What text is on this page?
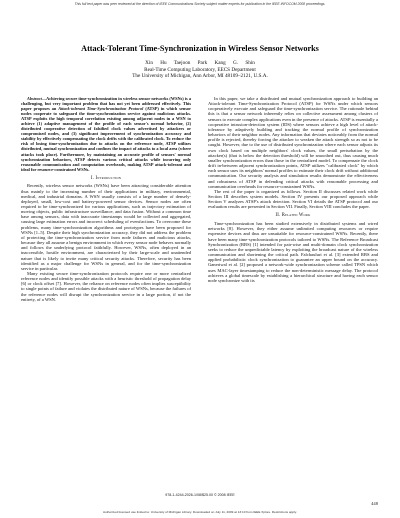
This full text paper was peer reviewed at the direction of IEEE Communications Society subject matter experts for publication in the IEEE INFOCOM 2008 proceedings.
Attack-Tolerant Time-Synchronization in Wireless Sensor Networks
Xin Hu Taejoon Park Kang G. Shin
Real-Time Computing Laboratory, EECS Department
The University of Michigan, Ann Arbor, MI 48109–2121, U.S.A.

Abstract—Achieving secure time-synchronization in wireless sensor networks (WSNs) is a challenging, but very important problem that has not yet been addressed effectively. This paper proposes an Attack-tolerant Time-Synchronization Protocol (ATSP) in which sensor nodes cooperate to safeguard the time-synchronization service against malicious attacks. ATSP exploits the high temporal correlation existing among adjacent nodes in a WSN to achieve (1) adaptive management of the profile of each sensor's normal behavior, (2) distributed cooperative detection of falsified clock values advertised by attackers or compromised nodes, and (3) significant improvement of synchronization accuracy and stability by effectively compensating the clock drifts with the calibrated clock. To reduce the risk of losing time-synchronization due to attacks on the reference node, ATSP utilizes distributed, mutual synchronization and confines the impact of attacks to a local area (where attacks took place). Furthermore, by maintaining an accurate profile of sensors' normal synchronization behaviors, ATSP detects various critical attacks while incurring only reasonable communication and computation overheads, making ATSP attack-tolerant and ideal for resource-constrained WSNs.

I. Introduction

Recently, wireless sensor networks (WSNs) have been attracting considerable attention thus mainly to the increasing number of their applications in military, environmental, medical, and industrial domains. A WSN usually consists of a large number of densely-deployed, small, low-cost and battery-powered sensor devices. Sensor nodes are often required to be time-synchronized for various applications, such as trajectory estimation of moving objects, public infrastructure surveillance, and data fusion. Without a common time base among sensors, data with inaccurate timestamps would be collected and aggregated, causing large estimation errors and incorrect scheduling of event/actions. To overcome these problems, many time-synchronization algorithms and prototypes have been proposed for WSNs [1–5]. Despite their high synchronization accuracy, they did not address the problem of protecting the time-synchronization service from node failures and malicious attacks, because they all assume a benign environment in which every sensor node behaves normally and follows the underlying protocol faithfully. However, WSNs, often deployed in an inaccessible, hostile environment, are characterized by their large-scale and unattended nature that is likely to invite many critical security attacks. Therefore, security has been identified as a major challenge for WSNs in general, and for the time-synchronization service in particular.

Many existing secure time-synchronization protocols require one or more centralized reference nodes and identify possible attacks with a heuristic threshold of propagation delay [6] or clock offset [7]. However, the reliance on reference nodes often implies susceptibility to single points of failure and violates the distributed nature of WSNs, because the failures of the reference nodes will disrupt the synchronization service in a large portion, if not the entirety, of a WSN.

In this paper, we take a distributed and mutual synchronization approach to building an Attack-tolerant Time-Synchronization Protocol (ATSP) for WSNs under which sensors cooperatively execute and safeguard the time-synchronization service. The rationale behind this is that a sensor network inherently relies on collective assessment among clusters of sensors to execute complex applications even in the presence of attacks. ATSP is essentially a cooperative intrusion-detection system (IDS) where sensors achieve a high level of attack-tolerance by adaptively building and tracking the normal profile of synchronization behaviors of their neighbor nodes. Any information that deviates noticeably from the normal profile is rejected, thereby forcing the attacker to weaken the attack strength so as not to be caught. However, due to the use of distributed synchronization where each sensor adjusts its own clock based on multiple neighbors' clock values, the small perturbation by the attacker(s) (that is below the detection threshold) will be smoothed out, thus causing much smaller synchronization errors than those in the centralized model. To compensate the clock drift in-between adjacent synchronization points, ATSP utilizes "calibrated clock" by which each sensor uses its neighbors' normal profiles to estimate their clock drift without additional communication. Our security analysis and simulation results demonstrate the effectiveness and robustness of ATSP in defending critical attacks with reasonable processing and communication overheads for resource-constrained WSNs.

The rest of the paper is organized as follows. Section II discusses related work while Section III describes system models. Section IV presents our proposed approach while Section V analyzes ATSP's attack detection. Section VI details the ATSP protocol and our evaluation results are presented in Section VII. Finally, Section VIII concludes the paper.

II. Related Work

Time-synchronization has been studied extensively in distributed systems and wired networks [8]. However, they either assume unlimited computing resources or require expensive devices and thus are unsuitable for resource-constrained WSNs. Recently, there have been many time-synchronization protocols tailored to WSNs. The Reference Broadcast Synchronization (RBS) [1] intended for pair-wise and multi-domain clock synchronization seeks to reduce the unpredictable latency by exploiting the broadcast nature of the wireless communication and shortening the critical path. Falchauluri et al. [3] extended RBS and applied probabilistic clock synchronization to guarantee an upper bound on the accuracy. Ganeriwal et al. [2] proposed a network-wide synchronization scheme called TPSN which uses MAC-layer timestamping to reduce the non-deterministic message delay. The protocol achieves a global timescale by establishing a hierarchical structure and having each sensor node synchronize with its

978-1-4244-2026-1/08/$25.00 © 2008 IEEE
448
Authorized licensed use limited to: University of Michigan Library. Downloaded on July 11, 2009 at 13:10 from IEEE Xplore. Restrictions apply.
